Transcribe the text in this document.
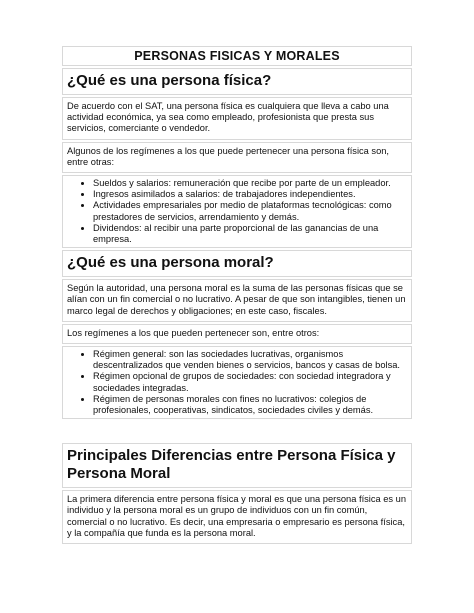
PERSONAS FISICAS Y MORALES
¿Qué es una persona física?

De acuerdo con el SAT, una persona física es cualquiera que lleva a cabo una actividad económica, ya sea como empleado, profesionista que presta sus servicios, comerciante o vendedor.

Algunos de los regímenes a los que puede pertenecer una persona física son, entre otras:

• Sueldos y salarios: remuneración que recibe por parte de un empleador.
• Ingresos asimilados a salarios: de trabajadores independientes.
• Actividades empresariales por medio de plataformas tecnológicas: como prestadores de servicios, arrendamiento y demás.
• Dividendos: al recibir una parte proporcional de las ganancias de una empresa.
¿Qué es una persona moral?

Según la autoridad, una persona moral es la suma de las personas físicas que se alían con un fin comercial o no lucrativo. A pesar de que son intangibles, tienen un marco legal de derechos y obligaciones; en este caso, fiscales.

Los regímenes a los que pueden pertenecer son, entre otros:

• Régimen general: son las sociedades lucrativas, organismos descentralizados que venden bienes o servicios, bancos y casas de bolsa.
• Régimen opcional de grupos de sociedades: con sociedad integradora y sociedades integradas.
• Régimen de personas morales con fines no lucrativos: colegios de profesionales, cooperativas, sindicatos, sociedades civiles y demás.
Principales Diferencias entre Persona Física y Persona Moral

La primera diferencia entre persona física y moral es que una persona física es un individuo y la persona moral es un grupo de individuos con un fin común, comercial o no lucrativo. Es decir, una empresaria o empresario es persona física, y la compañía que funda es la persona moral.
